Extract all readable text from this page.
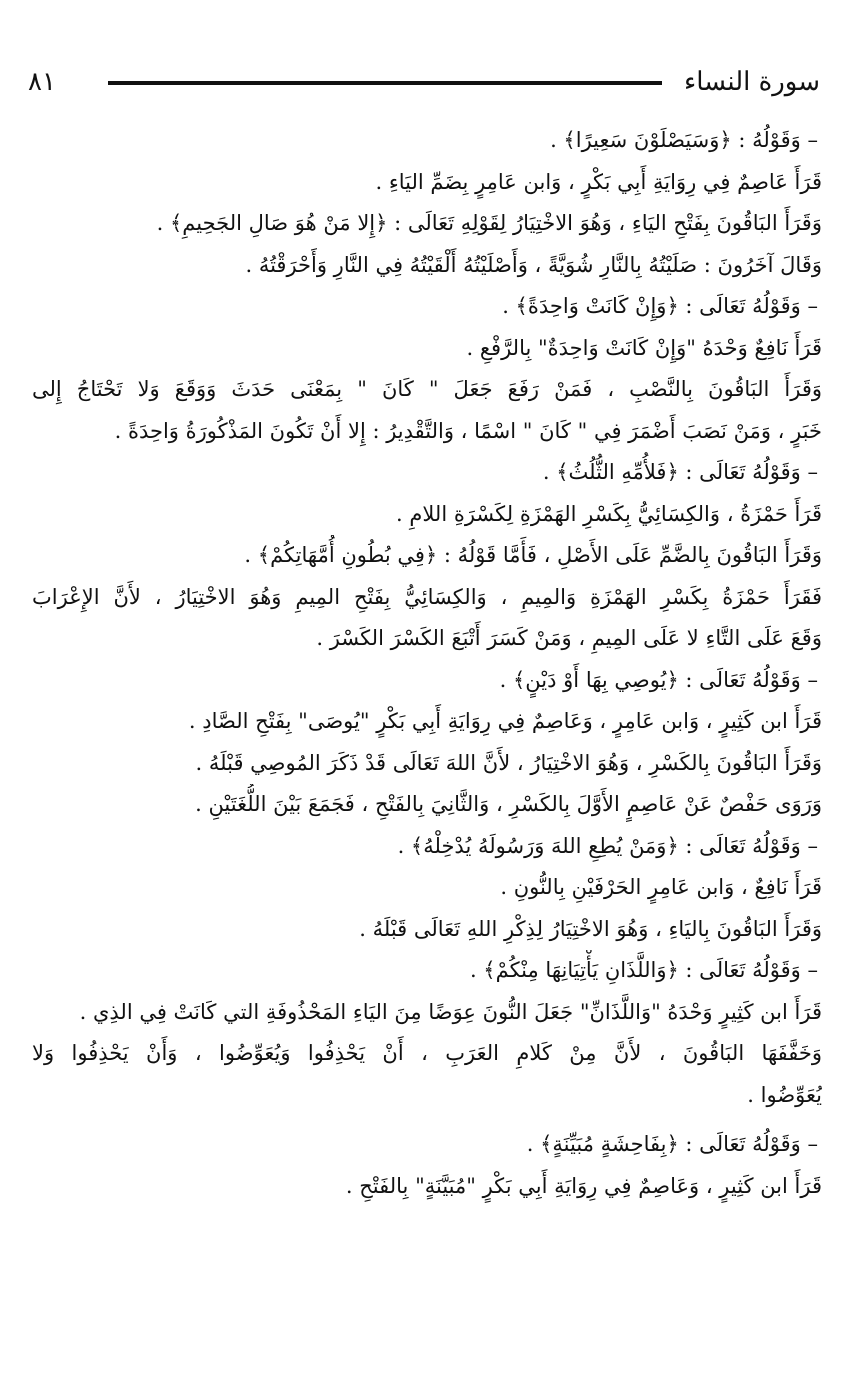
سورة النساء
٨١
– وَقَوْلُهُ : ﴿وَسَيَصْلَوْنَ سَعِيرًا﴾ .
قَرَأَ عَاصِمٌ فِي رِوَايَةِ أَبِي بَكْرٍ ، وَابن عَامِرٍ بِضَمِّ اليَاءِ .
وَقَرَأَ البَاقُونَ بِفَتْحِ اليَاءِ ، وَهُوَ الاخْتِيَارُ لِقَوْلِهِ تَعَالَى : ﴿إِلا مَنْ هُوَ صَالِ الجَحِيمِ﴾ .
وَقَالَ آخَرُونَ : صَلَيْتُهُ بِالنَّارِ شُوَيَّةً ، وَأَصْلَيْتُهُ أَلْقَيْتُهُ فِي النَّارِ وَأَحْرَقْتُهُ .
– وَقَوْلُهُ تَعَالَى : ﴿وَإِنْ كَانَتْ وَاحِدَةً﴾ .
قَرَأَ نَافِعٌ وَحْدَهُ "وَإِنْ كَانَتْ وَاحِدَةٌ" بِالرَّفْعِ .
وَقَرَأَ البَاقُونَ بِالنَّصْبِ ، فَمَنْ رَفَعَ جَعَلَ " كَانَ " بِمَعْنَى حَدَثَ وَوَقَعَ وَلا تَحْتَاجُ إِلى
خَبَرٍ ، وَمَنْ نَصَبَ أَضْمَرَ فِي " كَانَ " اسْمًا ، وَالتَّقْدِيرُ : إِلا أَنْ تَكُونَ المَذْكُورَةُ وَاحِدَةً .
– وَقَوْلُهُ تَعَالَى : ﴿فَلأُمِّهِ الثُّلُثُ﴾ .
قَرَأَ حَمْزَةُ ، وَالكِسَائِيُّ بِكَسْرِ الهَمْزَةِ لِكَسْرَةِ اللامِ .
وَقَرَأَ البَاقُونَ بِالضَّمِّ عَلَى الأَصْلِ ، فَأَمَّا قَوْلُهُ : ﴿فِي بُطُونِ أُمَّهَاتِكُمْ﴾ .
فَقَرَأَ حَمْزَةُ بِكَسْرِ الهَمْزَةِ وَالمِيمِ ، وَالكِسَائِيُّ بِفَتْحِ المِيمِ وَهُوَ الاخْتِيَارُ ، لأَنَّ الإِعْرَابَ
وَقَعَ عَلَى التَّاءِ لا عَلَى المِيمِ ، وَمَنْ كَسَرَ أَتْبَعَ الكَسْرَ الكَسْرَ .
– وَقَوْلُهُ تَعَالَى : ﴿يُوصِي بِهَا أَوْ دَيْنٍ﴾ .
قَرَأَ ابن كَثِيرٍ ، وَابن عَامِرٍ ، وَعَاصِمٌ فِي رِوَايَةِ أَبِي بَكْرٍ "يُوصَى" بِفَتْحِ الصَّادِ .
وَقَرَأَ البَاقُونَ بِالكَسْرِ ، وَهُوَ الاخْتِيَارُ ، لأَنَّ اللهَ تَعَالَى قَدْ ذَكَرَ المُوصِي قَبْلَهُ .
وَرَوَى حَفْصٌ عَنْ عَاصِمٍ الأَوَّلَ بِالكَسْرِ ، وَالثَّانِيَ بِالفَتْحِ ، فَجَمَعَ بَيْنَ اللُّغَتَيْنِ .
– وَقَوْلُهُ تَعَالَى : ﴿وَمَنْ يُطِعِ اللهَ وَرَسُولَهُ يُدْخِلْهُ﴾ .
قَرَأَ نَافِعٌ ، وَابن عَامِرٍ الحَرْفَيْنِ بِالنُّونِ .
وَقَرَأَ البَاقُونَ بِاليَاءِ ، وَهُوَ الاخْتِيَارُ لِذِكْرِ اللهِ تَعَالَى قَبْلَهُ .
– وَقَوْلُهُ تَعَالَى : ﴿وَاللَّذَانِ يَأْتِيَانِهَا مِنْكُمْ﴾ .
قَرَأَ ابن كَثِيرٍ وَحْدَهُ "وَاللَّذَانِّ" جَعَلَ النُّونَ عِوَضًا مِنَ اليَاءِ المَحْذُوفَةِ التي كَانَتْ فِي الذِي .
وَخَفَّفَهَا البَاقُونَ ، لأَنَّ مِنْ كَلامِ العَرَبِ ، أَنْ يَحْذِفُوا وَيُعَوِّضُوا ، وَأَنْ يَحْذِفُوا وَلا
يُعَوِّضُوا .
– وَقَوْلُهُ تَعَالَى : ﴿بِفَاحِشَةٍ مُبَيِّنَةٍ﴾ .
قَرَأَ ابن كَثِيرٍ ، وَعَاصِمٌ فِي رِوَايَةِ أَبِي بَكْرٍ "مُبَيَّنَةٍ" بِالفَتْحِ .
